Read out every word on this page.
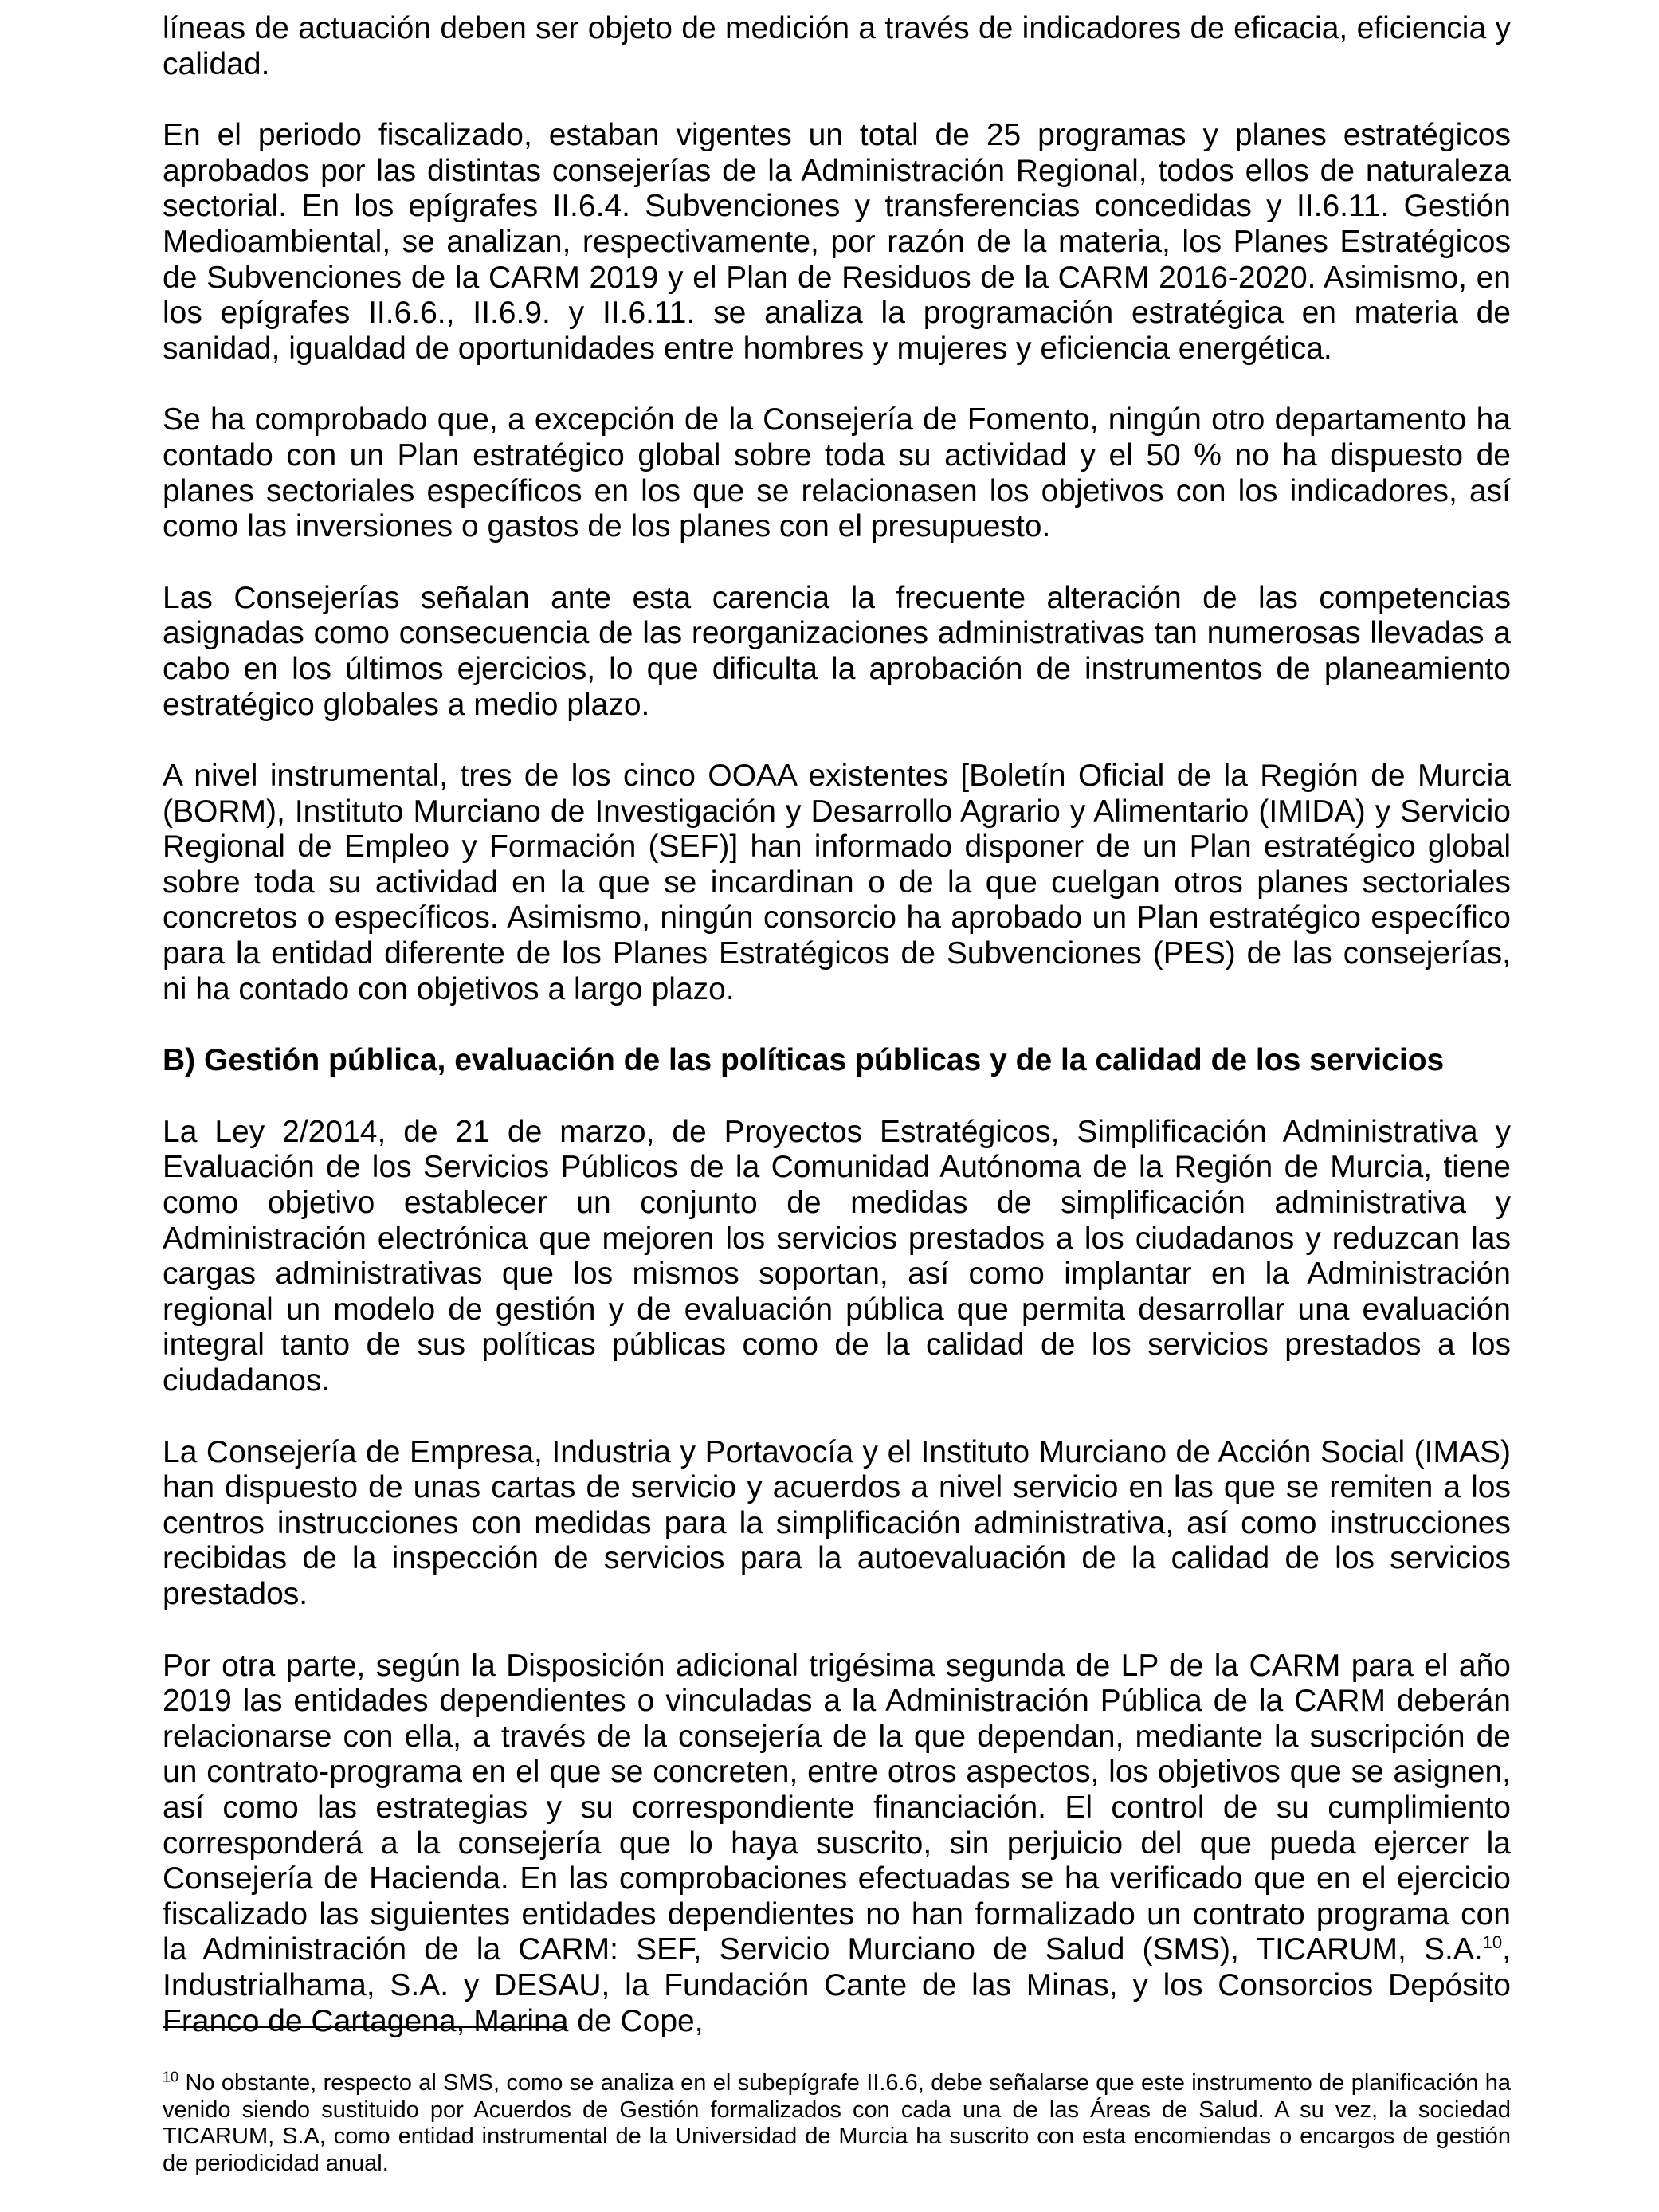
líneas de actuación deben ser objeto de medición a través de indicadores de eficacia, eficiencia y calidad.

En el periodo fiscalizado, estaban vigentes un total de 25 programas y planes estratégicos aprobados por las distintas consejerías de la Administración Regional, todos ellos de naturaleza sectorial. En los epígrafes II.6.4. Subvenciones y transferencias concedidas y II.6.11. Gestión Medioambiental, se analizan, respectivamente, por razón de la materia, los Planes Estratégicos de Subvenciones de la CARM 2019 y el Plan de Residuos de la CARM 2016-2020. Asimismo, en los epígrafes II.6.6., II.6.9. y II.6.11. se analiza la programación estratégica en materia de sanidad, igualdad de oportunidades entre hombres y mujeres y eficiencia energética.

Se ha comprobado que, a excepción de la Consejería de Fomento, ningún otro departamento ha contado con un Plan estratégico global sobre toda su actividad y el 50 % no ha dispuesto de planes sectoriales específicos en los que se relacionasen los objetivos con los indicadores, así como las inversiones o gastos de los planes con el presupuesto.

Las Consejerías señalan ante esta carencia la frecuente alteración de las competencias asignadas como consecuencia de las reorganizaciones administrativas tan numerosas llevadas a cabo en los últimos ejercicios, lo que dificulta la aprobación de instrumentos de planeamiento estratégico globales a medio plazo.

A nivel instrumental, tres de los cinco OOAA existentes [Boletín Oficial de la Región de Murcia (BORM), Instituto Murciano de Investigación y Desarrollo Agrario y Alimentario (IMIDA) y Servicio Regional de Empleo y Formación (SEF)] han informado disponer de un Plan estratégico global sobre toda su actividad en la que se incardinan o de la que cuelgan otros planes sectoriales concretos o específicos. Asimismo, ningún consorcio ha aprobado un Plan estratégico específico para la entidad diferente de los Planes Estratégicos de Subvenciones (PES) de las consejerías, ni ha contado con objetivos a largo plazo.

B) Gestión pública, evaluación de las políticas públicas y de la calidad de los servicios

La Ley 2/2014, de 21 de marzo, de Proyectos Estratégicos, Simplificación Administrativa y Evaluación de los Servicios Públicos de la Comunidad Autónoma de la Región de Murcia, tiene como objetivo establecer un conjunto de medidas de simplificación administrativa y Administración electrónica que mejoren los servicios prestados a los ciudadanos y reduzcan las cargas administrativas que los mismos soportan, así como implantar en la Administración regional un modelo de gestión y de evaluación pública que permita desarrollar una evaluación integral tanto de sus políticas públicas como de la calidad de los servicios prestados a los ciudadanos.

La Consejería de Empresa, Industria y Portavocía y el Instituto Murciano de Acción Social (IMAS) han dispuesto de unas cartas de servicio y acuerdos a nivel servicio en las que se remiten a los centros instrucciones con medidas para la simplificación administrativa, así como instrucciones recibidas de la inspección de servicios para la autoevaluación de la calidad de los servicios prestados.

Por otra parte, según la Disposición adicional trigésima segunda de LP de la CARM para el año 2019 las entidades dependientes o vinculadas a la Administración Pública de la CARM deberán relacionarse con ella, a través de la consejería de la que dependan, mediante la suscripción de un contrato-programa en el que se concreten, entre otros aspectos, los objetivos que se asignen, así como las estrategias y su correspondiente financiación. El control de su cumplimiento corresponderá a la consejería que lo haya suscrito, sin perjuicio del que pueda ejercer la Consejería de Hacienda. En las comprobaciones efectuadas se ha verificado que en el ejercicio fiscalizado las siguientes entidades dependientes no han formalizado un contrato programa con la Administración de la CARM: SEF, Servicio Murciano de Salud (SMS), TICARUM, S.A.$^{10}$, Industrialhama, S.A. y DESAU, la Fundación Cante de las Minas, y los Consorcios Depósito Franco de Cartagena, Marina de Cope,

$^{10}$ No obstante, respecto al SMS, como se analiza en el subepígrafe II.6.6, debe señalarse que este instrumento de planificación ha venido siendo sustituido por Acuerdos de Gestión formalizados con cada una de las Áreas de Salud. A su vez, la sociedad TICARUM, S.A, como entidad instrumental de la Universidad de Murcia ha suscrito con esta encomiendas o encargos de gestión de periodicidad anual.
